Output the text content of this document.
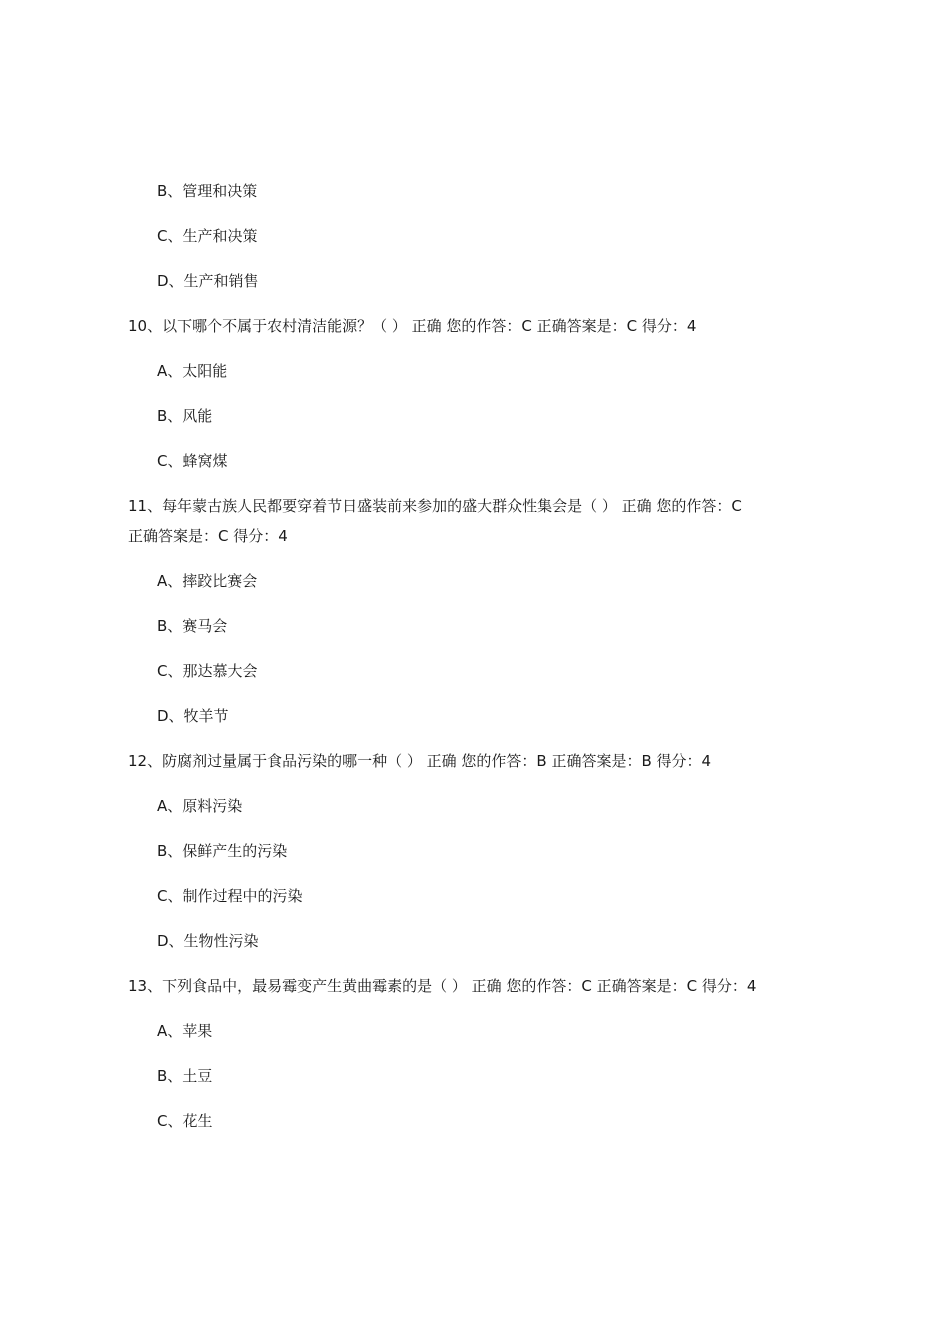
B、管理和决策
C、生产和决策
D、生产和销售
10、以下哪个不属于农村清洁能源？（ ） 正确 您的作答：C 正确答案是：C 得分：4
A、太阳能
B、风能
C、蜂窝煤
11、每年蒙古族人民都要穿着节日盛装前来参加的盛大群众性集会是（ ） 正确 您的作答：C
正确答案是：C 得分：4
A、摔跤比赛会
B、赛马会
C、那达慕大会
D、牧羊节
12、防腐剂过量属于食品污染的哪一种（ ） 正确 您的作答：B 正确答案是：B 得分：4
A、原料污染
B、保鲜产生的污染
C、制作过程中的污染
D、生物性污染
13、下列食品中，最易霉变产生黄曲霉素的是（ ） 正确 您的作答：C 正确答案是：C 得分：4
A、苹果
B、土豆
C、花生
